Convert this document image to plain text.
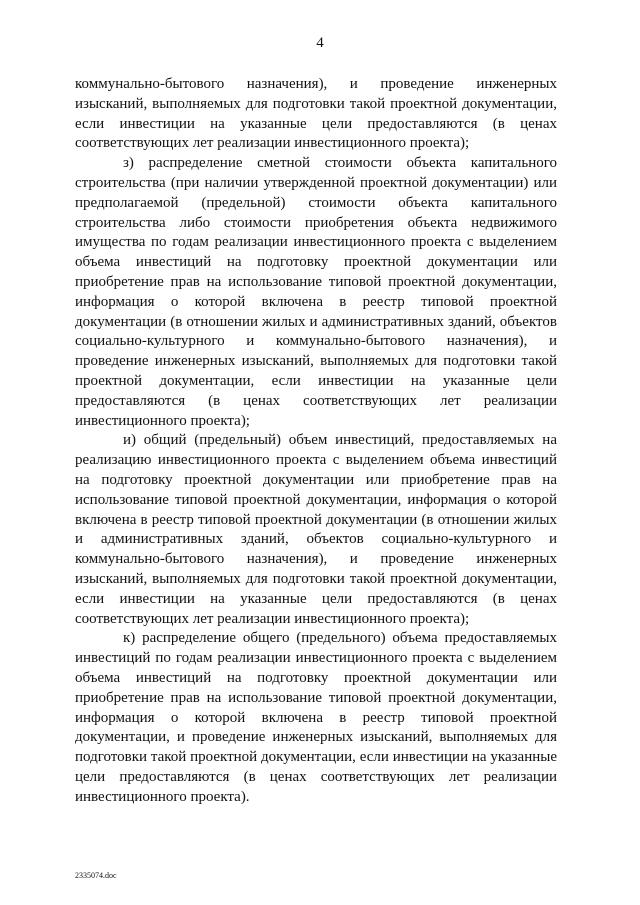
4

коммунально-бытового назначения), и проведение инженерных изысканий, выполняемых для подготовки такой проектной документации, если инвестиции на указанные цели предоставляются (в ценах соответствующих лет реализации инвестиционного проекта);

з) распределение сметной стоимости объекта капитального строительства (при наличии утвержденной проектной документации) или предполагаемой (предельной) стоимости объекта капитального строительства либо стоимости приобретения объекта недвижимого имущества по годам реализации инвестиционного проекта с выделением объема инвестиций на подготовку проектной документации или приобретение прав на использование типовой проектной документации, информация о которой включена в реестр типовой проектной документации (в отношении жилых и административных зданий, объектов социально-культурного и коммунально-бытового назначения), и проведение инженерных изысканий, выполняемых для подготовки такой проектной документации, если инвестиции на указанные цели предоставляются (в ценах соответствующих лет реализации инвестиционного проекта);

и) общий (предельный) объем инвестиций, предоставляемых на реализацию инвестиционного проекта с выделением объема инвестиций на подготовку проектной документации или приобретение прав на использование типовой проектной документации, информация о которой включена в реестр типовой проектной документации (в отношении жилых и административных зданий, объектов социально-культурного и коммунально-бытового назначения), и проведение инженерных изысканий, выполняемых для подготовки такой проектной документации, если инвестиции на указанные цели предоставляются (в ценах соответствующих лет реализации инвестиционного проекта);

к) распределение общего (предельного) объема предоставляемых инвестиций по годам реализации инвестиционного проекта с выделением объема инвестиций на подготовку проектной документации или приобретение прав на использование типовой проектной документации, информация о которой включена в реестр типовой проектной документации, и проведение инженерных изысканий, выполняемых для подготовки такой проектной документации, если инвестиции на указанные цели предоставляются (в ценах соответствующих лет реализации инвестиционного проекта).

2335074.doc
